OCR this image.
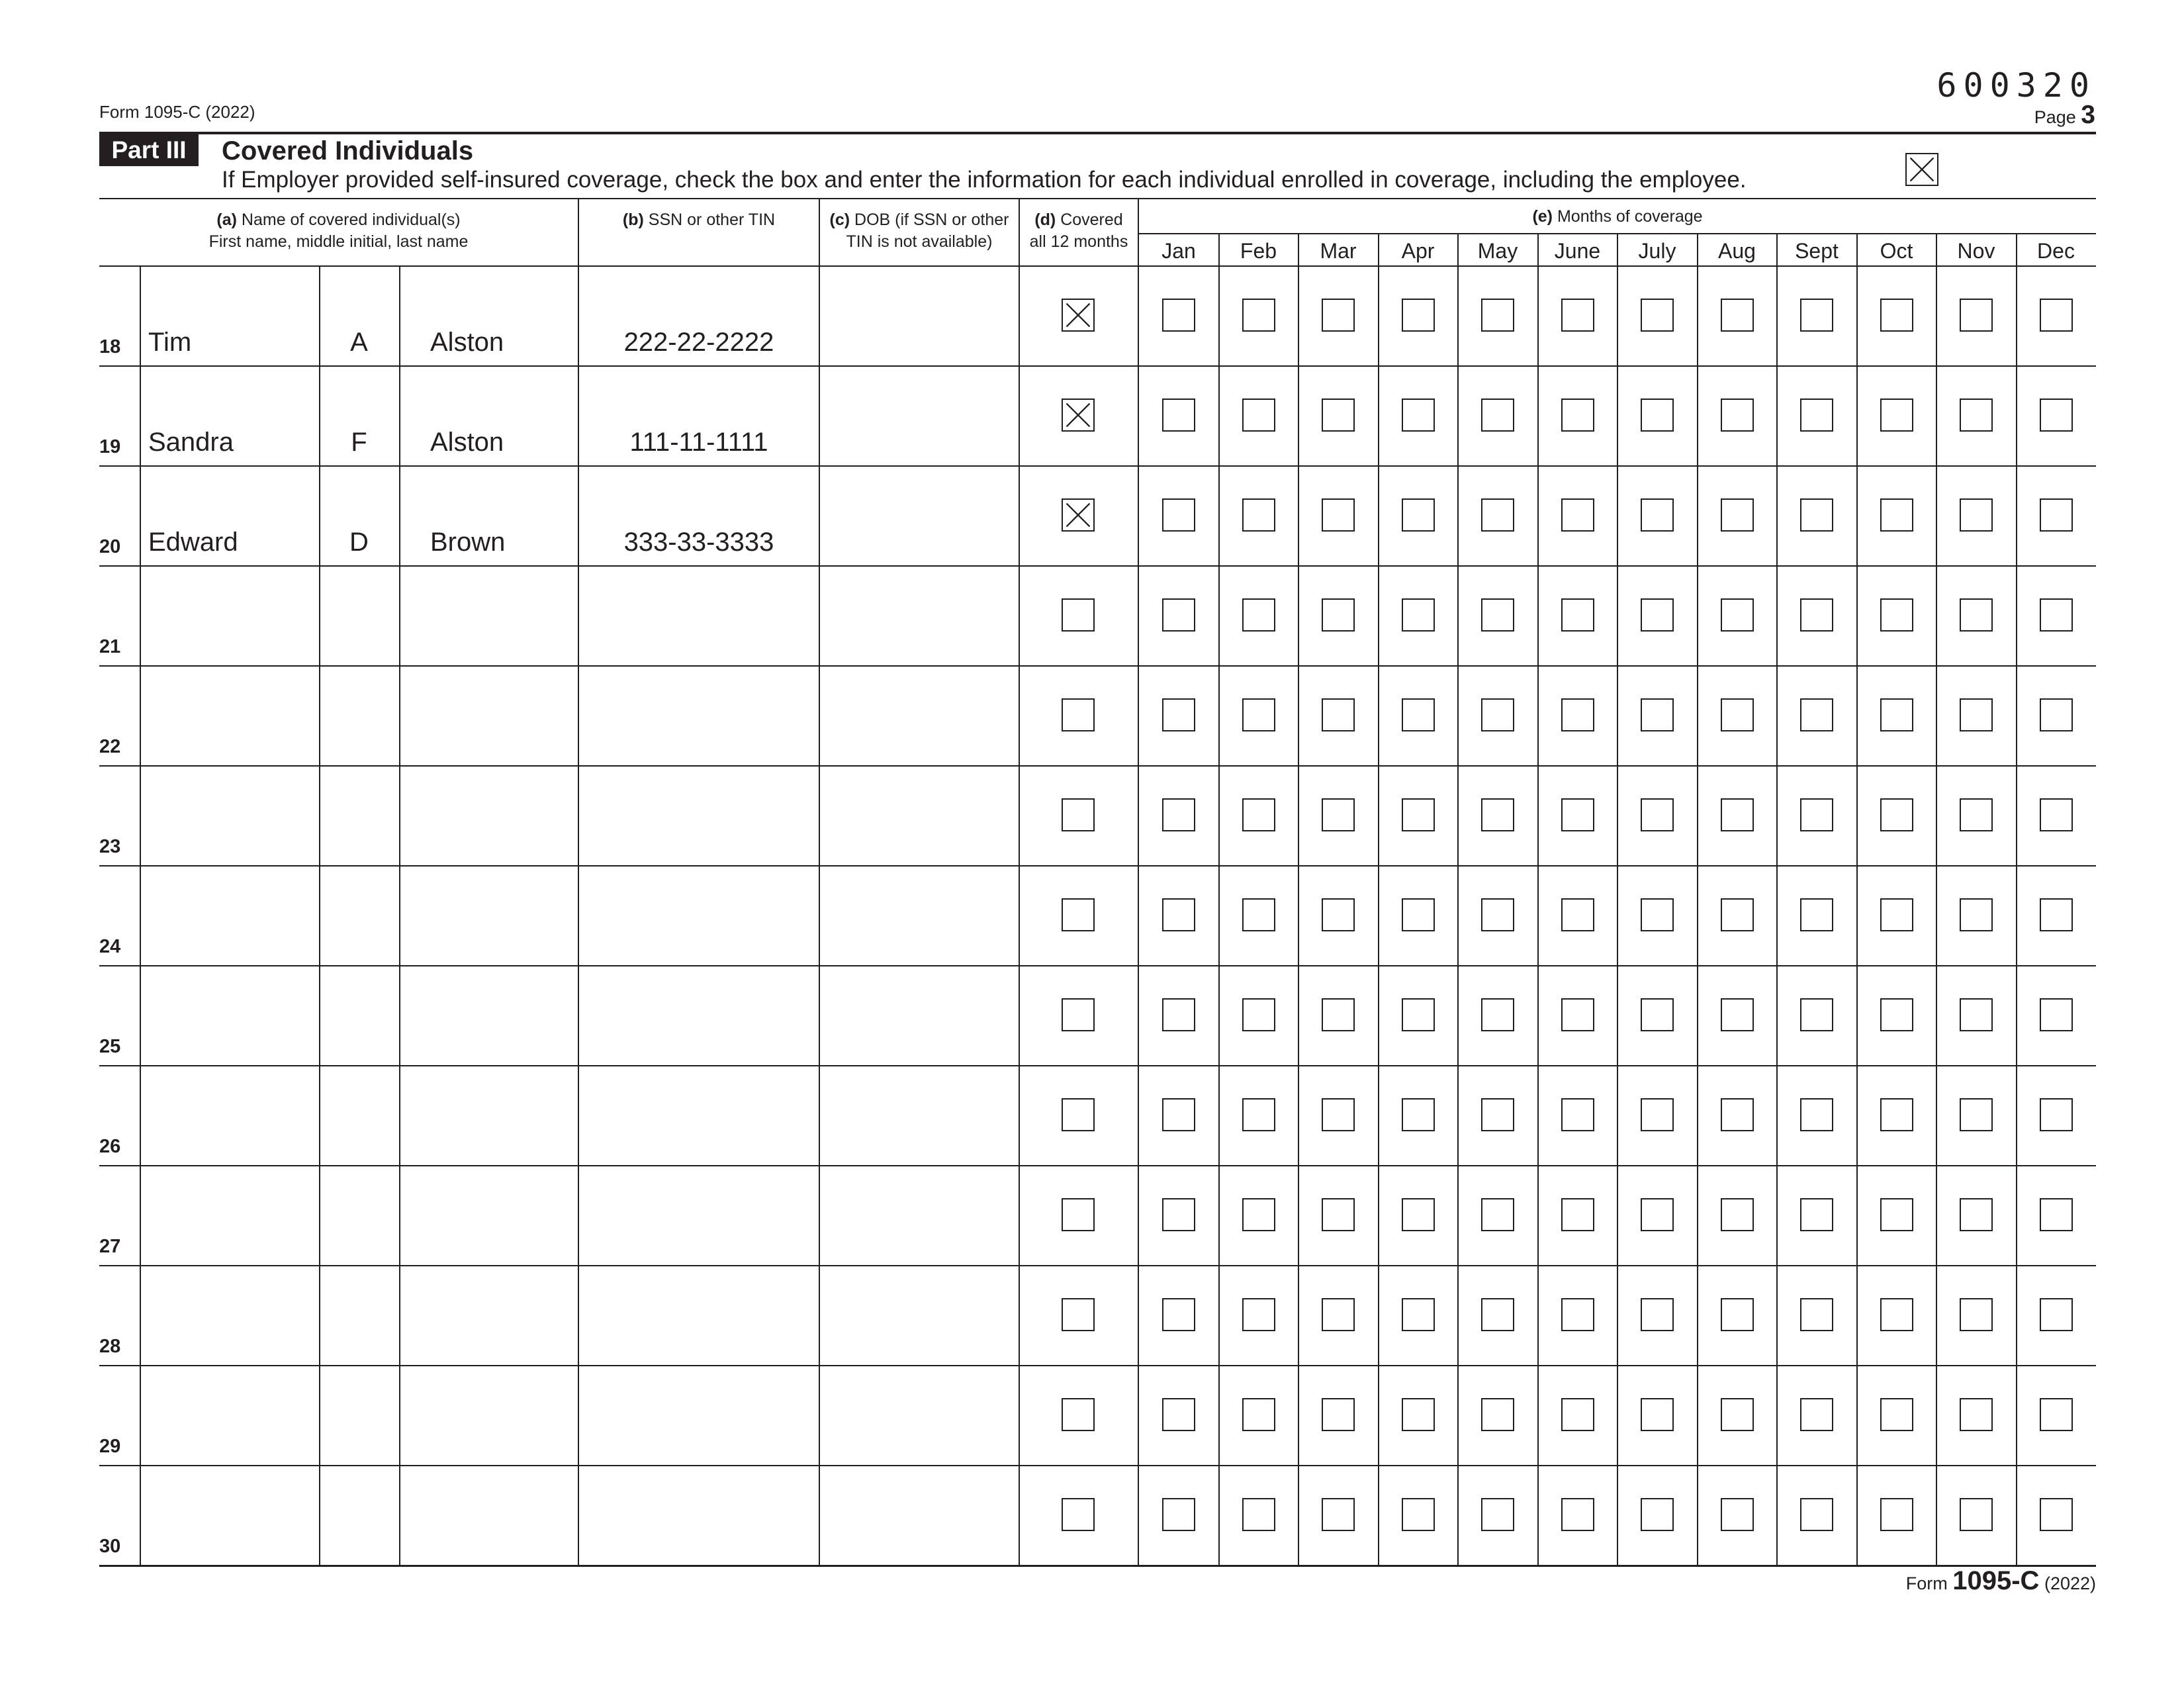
Form 1095-C (2022)
600320
Page 3
Part III	Covered Individuals
If Employer provided self-insured coverage, check the box and enter the information for each individual enrolled in coverage, including the employee.
(a) Name of covered individual(s)
First name, middle initial, last name
(b) SSN or other TIN	(c) DOB (if SSN or other
TIN is not available)
(d) Covered
all 12 months
(e) Months of coverage
Jan	Feb	Mar	Apr	May	June	July	Aug	Sept	Oct	Nov	Dec
18 Tim	A	Alston	222-22-2222
19 Sandra	F	Alston	111-11-1111
20 Edward	D	Brown	333-33-3333
21
22
23
24
25
26
27
28
29
30
Form 1095-C (2022)
